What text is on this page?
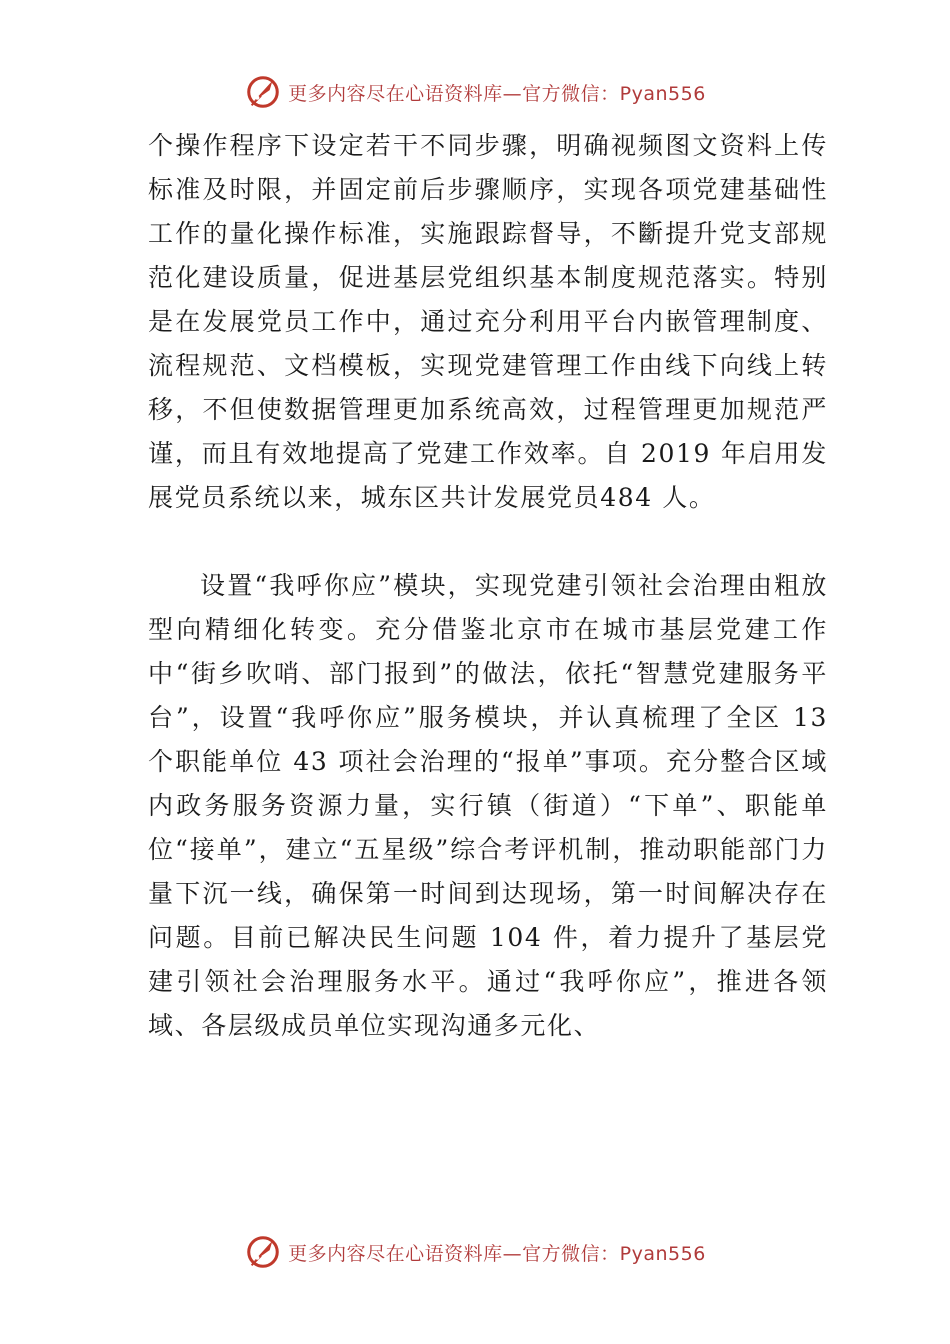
更多内容尽在心语资料库—官方微信：Pyan556

个操作程序下设定若干不同步骤，明确视频图文资料上传标准及时限，并固定前后步骤顺序，实现各项党建基础性工作的量化操作标准，实施跟踪督导，不斷提升党支部规范化建设质量，促进基层党组织基本制度规范落实。特别是在发展党员工作中，通过充分利用平台内嵌管理制度、流程规范、文档模板，实现党建管理工作由线下向线上转移，不但使数据管理更加系统高效，过程管理更加规范严谨，而且有效地提高了党建工作效率。自 2019 年启用发展党员系统以来，城东区共计发展党员484 人。

设置“我呼你应”模块，实现党建引领社会治理由粗放型向精细化转变。充分借鉴北京市在城市基层党建工作中“街乡吹哨、部门报到”的做法，依托“智慧党建服务平台”，设置“我呼你应”服务模块，并认真梳理了全区 13 个职能单位 43 项社会治理的“报单”事项。充分整合区域内政务服务资源力量，实行镇（街道）“下单”、职能单位“接单”，建立“五星级”综合考评机制，推动职能部门力量下沉一线，确保第一时间到达现场，第一时间解决存在问题。目前已解决民生问题 104 件，着力提升了基层党建引领社会治理服务水平。通过“我呼你应”，推进各领域、各层级成员单位实现沟通多元化、

更多内容尽在心语资料库—官方微信：Pyan556
